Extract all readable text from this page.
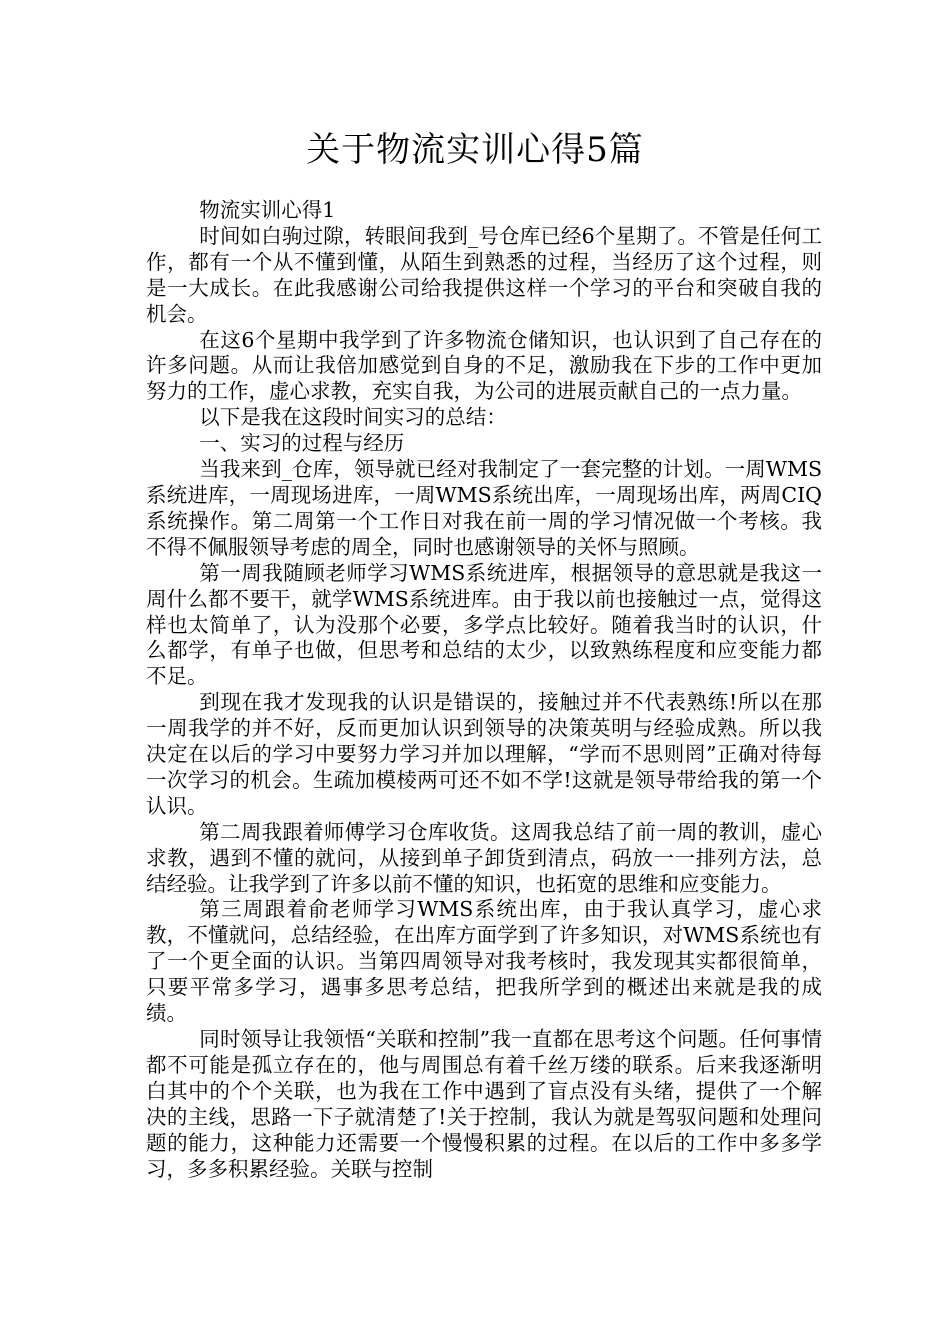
关于物流实训心得5篇

物流实训心得1

时间如白驹过隙，转眼间我到_号仓库已经6个星期了。不管是任何工作，都有一个从不懂到懂，从陌生到熟悉的过程，当经历了这个过程，则是一大成长。在此我感谢公司给我提供这样一个学习的平台和突破自我的机会。

在这6个星期中我学到了许多物流仓储知识，也认识到了自己存在的许多问题。从而让我倍加感觉到自身的不足，激励我在下步的工作中更加努力的工作，虚心求教，充实自我，为公司的进展贡献自己的一点力量。

以下是我在这段时间实习的总结：

一、实习的过程与经历

当我来到_仓库，领导就已经对我制定了一套完整的计划。一周WMS系统进库，一周现场进库，一周WMS系统出库，一周现场出库，两周CIQ系统操作。第二周第一个工作日对我在前一周的学习情况做一个考核。我不得不佩服领导考虑的周全，同时也感谢领导的关怀与照顾。

第一周我随顾老师学习WMS系统进库，根据领导的意思就是我这一周什么都不要干，就学WMS系统进库。由于我以前也接触过一点，觉得这样也太简单了，认为没那个必要，多学点比较好。随着我当时的认识，什么都学，有单子也做，但思考和总结的太少，以致熟练程度和应变能力都不足。

到现在我才发现我的认识是错误的，接触过并不代表熟练!所以在那一周我学的并不好，反而更加认识到领导的决策英明与经验成熟。所以我决定在以后的学习中要努力学习并加以理解，“学而不思则罔”正确对待每一次学习的机会。生疏加模棱两可还不如不学!这就是领导带给我的第一个认识。

第二周我跟着师傅学习仓库收货。这周我总结了前一周的教训，虚心求教，遇到不懂的就问，从接到单子卸货到清点，码放一一排列方法，总结经验。让我学到了许多以前不懂的知识，也拓宽的思维和应变能力。

第三周跟着俞老师学习WMS系统出库，由于我认真学习，虚心求教，不懂就问，总结经验，在出库方面学到了许多知识，对WMS系统也有了一个更全面的认识。当第四周领导对我考核时，我发现其实都很简单，只要平常多学习，遇事多思考总结，把我所学到的概述出来就是我的成绩。

同时领导让我领悟“关联和控制”我一直都在思考这个问题。任何事情都不可能是孤立存在的，他与周围总有着千丝万缕的联系。后来我逐渐明白其中的个个关联，也为我在工作中遇到了盲点没有头绪，提供了一个解决的主线，思路一下子就清楚了!关于控制，我认为就是驾驭问题和处理问题的能力，这种能力还需要一个慢慢积累的过程。在以后的工作中多多学习，多多积累经验。关联与控制
